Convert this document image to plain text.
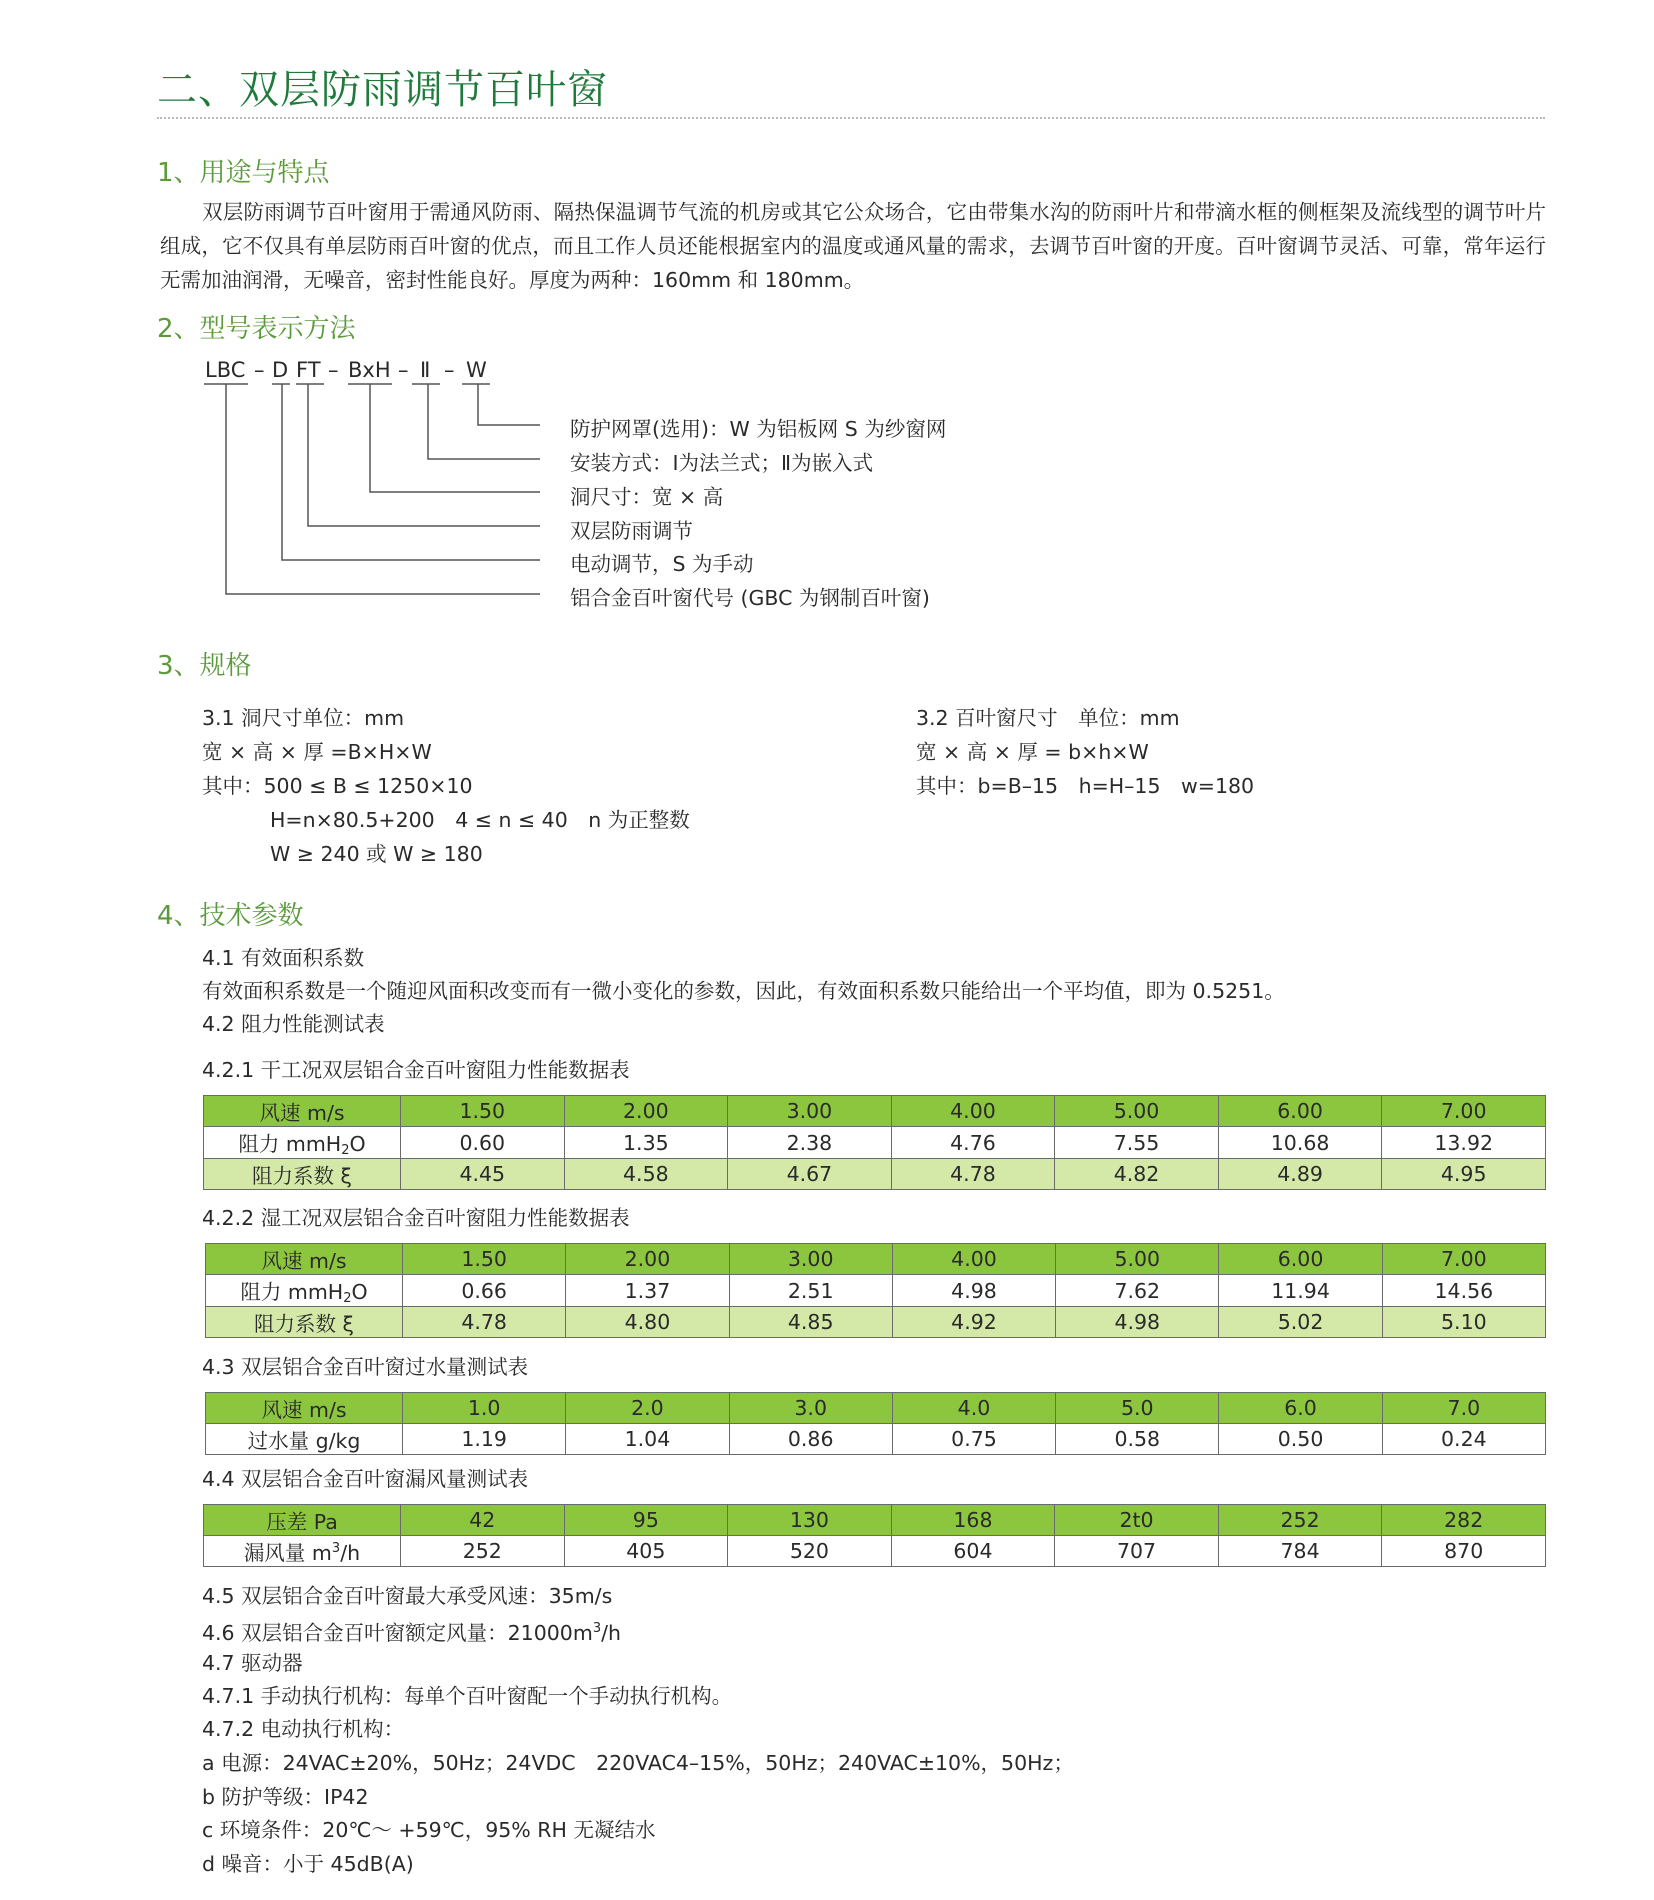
二、双层防雨调节百叶窗
1、用途与特点
双层防雨调节百叶窗用于需通风防雨、隔热保温调节气流的机房或其它公众场合，它由带集水沟的防雨叶片和带滴水框的侧框架及流线型的调节叶片组成，它不仅具有单层防雨百叶窗的优点，而且工作人员还能根据室内的温度或通风量的需求，去调节百叶窗的开度。百叶窗调节灵活、可靠，常年运行无需加油润滑，无噪音，密封性能良好。厚度为两种：160mm 和 180mm。
2、型号表示方法
LBC – D FT – BxH – Ⅱ – W
防护网罩(选用)：W 为铝板网 S 为纱窗网
安装方式：Ⅰ为法兰式；Ⅱ为嵌入式
洞尺寸：宽 × 高
双层防雨调节
电动调节，S 为手动
铝合金百叶窗代号 (GBC 为钢制百叶窗)
3、规格
3.1 洞尺寸单位：mm
宽 × 高 × 厚 =B×H×W
其中：500 ≤ B ≤ 1250×10
H=n×80.5+200　4 ≤ n ≤ 40　n 为正整数
W ≥ 240 或 W ≥ 180
3.2 百叶窗尺寸　单位：mm
宽 × 高 × 厚 = b×h×W
其中：b=B–15　h=H–15　w=180
4、技术参数
4.1 有效面积系数
有效面积系数是一个随迎风面积改变而有一微小变化的参数，因此，有效面积系数只能给出一个平均值，即为 0.5251。
4.2 阻力性能测试表
4.2.1 干工况双层铝合金百叶窗阻力性能数据表
风速 m/s	1.50	2.00	3.00	4.00	5.00	6.00	7.00
阻力 mmH$_2$O	0.60	1.35	2.38	4.76	7.55	10.68	13.92
阻力系数 ξ	4.45	4.58	4.67	4.78	4.82	4.89	4.95
4.2.2 湿工况双层铝合金百叶窗阻力性能数据表
风速 m/s	1.50	2.00	3.00	4.00	5.00	6.00	7.00
阻力 mmH$_2$O	0.66	1.37	2.51	4.98	7.62	11.94	14.56
阻力系数 ξ	4.78	4.80	4.85	4.92	4.98	5.02	5.10
4.3 双层铝合金百叶窗过水量测试表
风速 m/s	1.0	2.0	3.0	4.0	5.0	6.0	7.0
过水量 g/kg	1.19	1.04	0.86	0.75	0.58	0.50	0.24
4.4 双层铝合金百叶窗漏风量测试表
压差 Pa	42	95	130	168	2t0	252	282
漏风量 $m^3/h$	252	405	520	604	707	784	870
4.5 双层铝合金百叶窗最大承受风速：35m/s
4.6 双层铝合金百叶窗额定风量：$21000m^3/h$
4.7 驱动器
4.7.1 手动执行机构：每单个百叶窗配一个手动执行机构。
4.7.2 电动执行机构：
a 电源：24VAC±20%，50Hz；24VDC　220VAC4–15%，50Hz；240VAC±10%，50Hz；
b 防护等级：IP42
c 环境条件：20℃～ +59℃，95% RH 无凝结水
d 噪音：小于 45dB(A)
